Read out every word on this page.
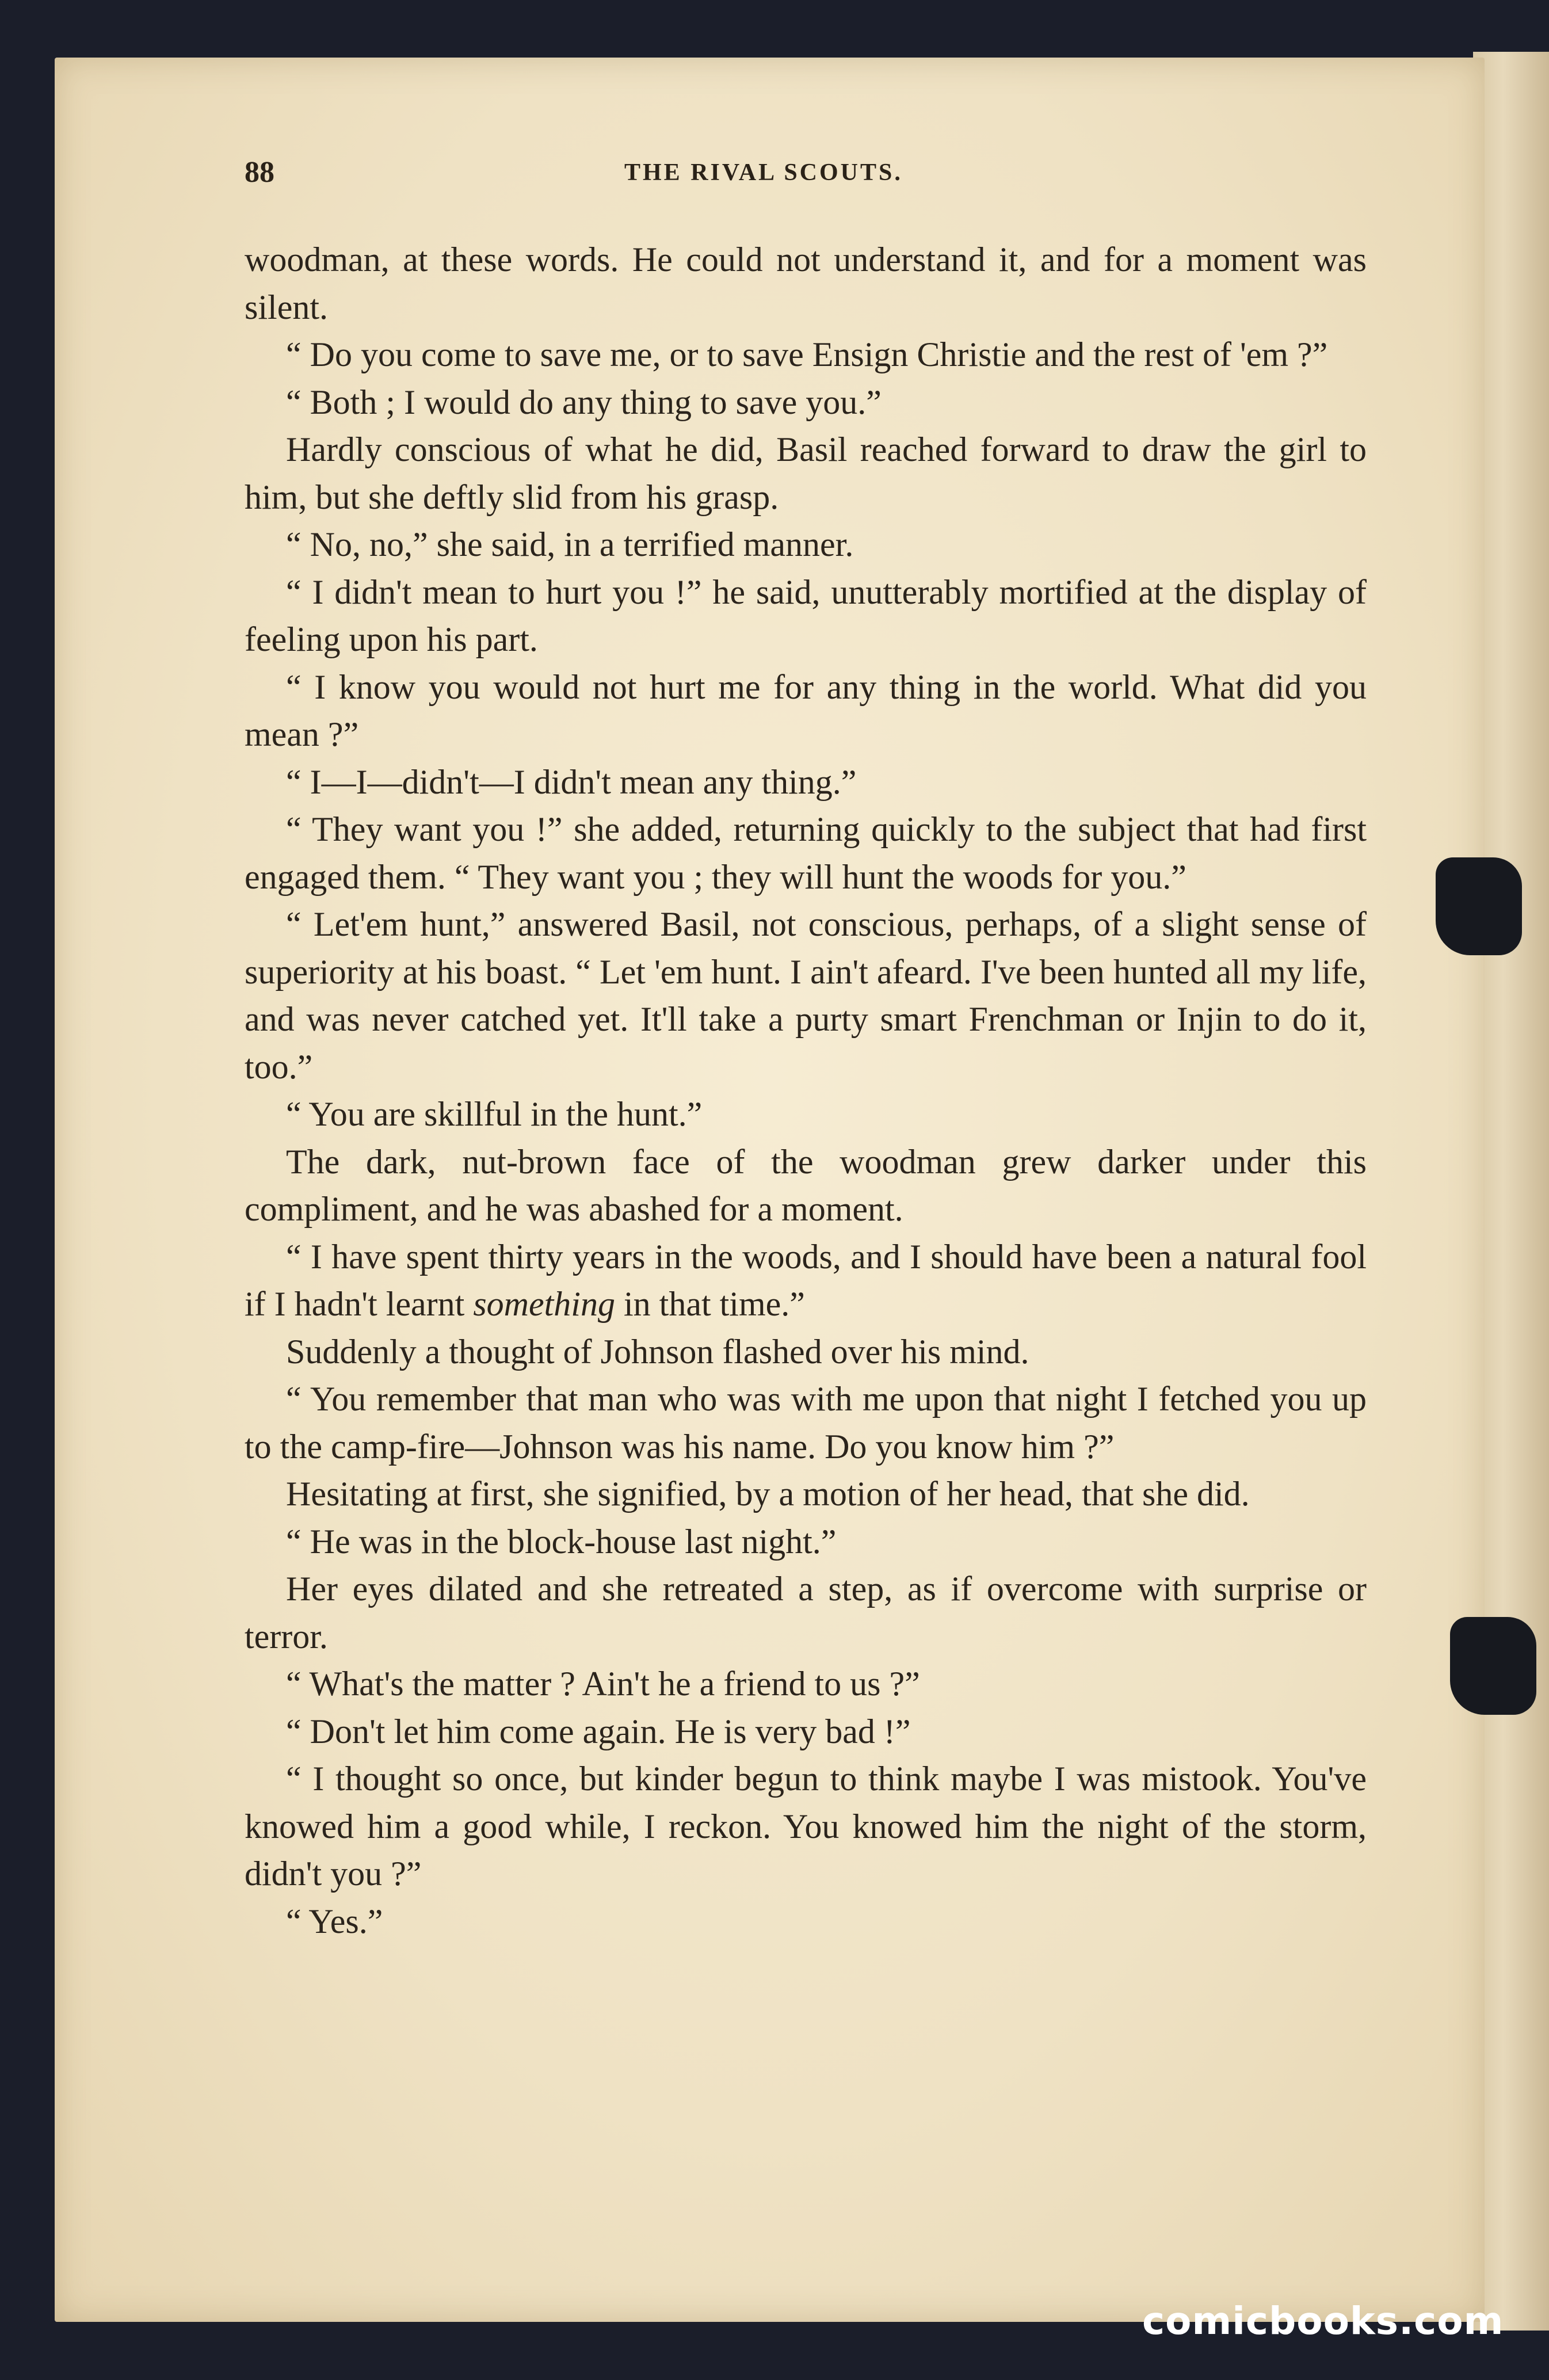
88	THE RIVAL SCOUTS.

woodman, at these words. He could not understand it, and for a moment was silent.

“ Do you come to save me, or to save Ensign Christie and the rest of 'em ?”

“ Both ; I would do any thing to save you.”

Hardly conscious of what he did, Basil reached forward to draw the girl to him, but she deftly slid from his grasp.

“ No, no,” she said, in a terrified manner.

“ I didn't mean to hurt you !” he said, unutterably mortified at the display of feeling upon his part.

“ I know you would not hurt me for any thing in the world. What did you mean ?”

“ I—I—didn't—I didn't mean any thing.”

“ They want you !” she added, returning quickly to the subject that had first engaged them. “ They want you ; they will hunt the woods for you.”

“ Let'em hunt,” answered Basil, not conscious, perhaps, of a slight sense of superiority at his boast. “ Let 'em hunt. I ain't afeard. I've been hunted all my life, and was never catched yet. It'll take a purty smart Frenchman or Injin to do it, too.”

“ You are skillful in the hunt.”

The dark, nut-brown face of the woodman grew darker under this compliment, and he was abashed for a moment.

“ I have spent thirty years in the woods, and I should have been a natural fool if I hadn't learnt something in that time.”

Suddenly a thought of Johnson flashed over his mind.

“ You remember that man who was with me upon that night I fetched you up to the camp-fire—Johnson was his name. Do you know him ?”

Hesitating at first, she signified, by a motion of her head, that she did.

“ He was in the block-house last night.”

Her eyes dilated and she retreated a step, as if overcome with surprise or terror.

“ What's the matter ? Ain't he a friend to us ?”

“ Don't let him come again. He is very bad !”

“ I thought so once, but kinder begun to think maybe I was mistook. You've knowed him a good while, I reckon. You knowed him the night of the storm, didn't you ?”

“ Yes.”

comicbooks.com
